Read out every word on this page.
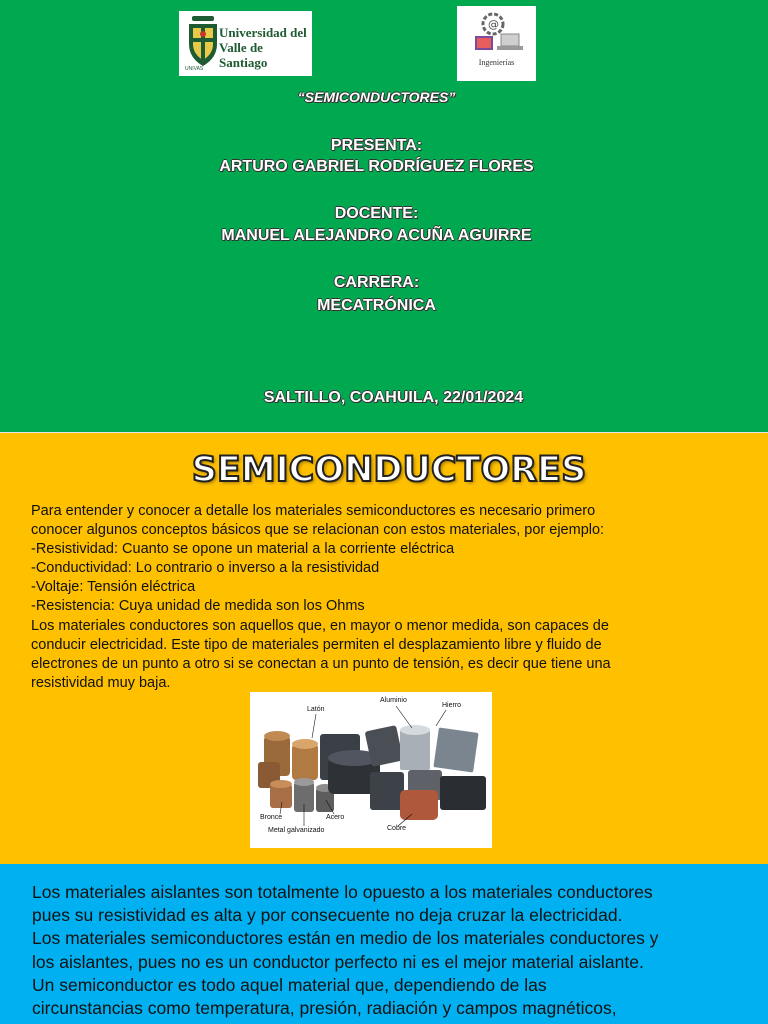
Universidad del
Valle de Santiago
UNIVAS
@
Ingenierías
“SEMICONDUCTORES”
PRESENTA:
ARTURO GABRIEL RODRÍGUEZ FLORES
DOCENTE:
MANUEL ALEJANDRO ACUÑA AGUIRRE
CARRERA:
MECATRÓNICA
SALTILLO, COAHUILA, 22/01/2024
SEMICONDUCTORES
Para entender y conocer a detalle los materiales semiconductores es necesario primero
conocer algunos conceptos básicos que se relacionan con estos materiales, por ejemplo:
-Resistividad: Cuanto se opone un material a la corriente eléctrica
-Conductividad: Lo contrario o inverso a la resistividad
-Voltaje: Tensión eléctrica
-Resistencia: Cuya unidad de medida son los Ohms
Los materiales conductores son aquellos que, en mayor o menor medida, son capaces de
conducir electricidad. Este tipo de materiales permiten el desplazamiento libre y fluido de
electrones de un punto a otro si se conectan a un punto de tensión, es decir que tiene una
resistividad muy baja.
Latón
Aluminio
Hierro
Bronce	Acero
Metal galvanizado	Cobre
Los materiales aislantes son totalmente lo opuesto a los materiales conductores
pues su resistividad es alta y por consecuente no deja cruzar la electricidad.
Los materiales semiconductores están en medio de los materiales conductores y
los aislantes, pues no es un conductor perfecto ni es el mejor material aislante.
Un semiconductor es todo aquel material que, dependiendo de las
circunstancias como temperatura, presión, radiación y campos magnéticos,
